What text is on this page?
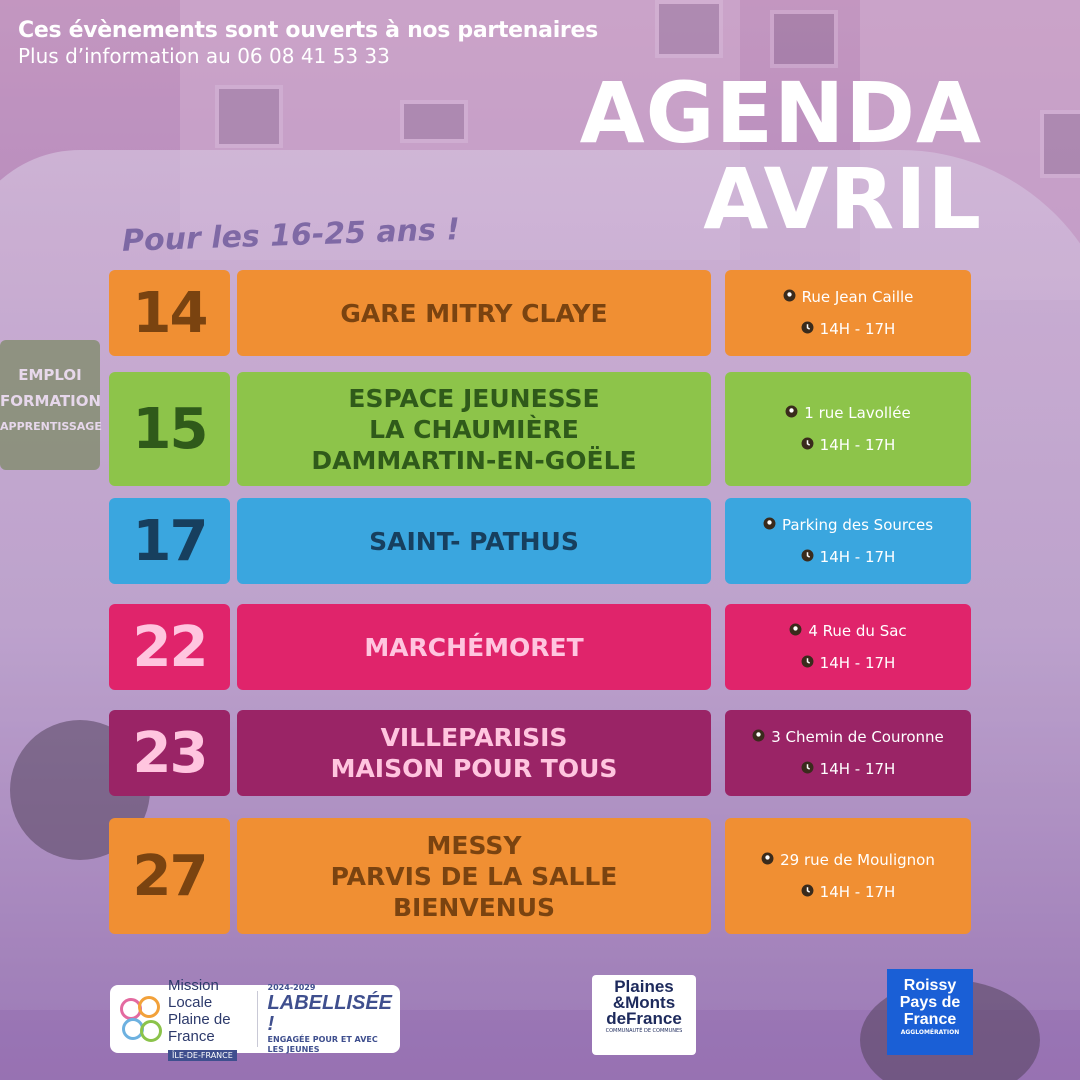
Pour les 16-25 ans !
EMPLOI
FORMATION
APPRENTISSAGE
Ces évènements sont ouverts à nos partenaires
Plus d’information au 06 08 41 53 33
AGENDA
AVRIL
14	GARE MITRY CLAYE
Rue Jean Caille
14H - 17H
15	ESPACE JEUNESSE
LA CHAUMIÈRE
DAMMARTIN-EN-GOËLE
1 rue Lavollée
14H - 17H
17	SAINT- PATHUS
Parking des Sources
14H - 17H
22	MARCHÉMORET
4 Rue du Sac
14H - 17H
23	VILLEPARISIS
MAISON POUR TOUS
3 Chemin de Couronne
14H - 17H
27	MESSY
PARVIS DE LA SALLE
BIENVENUS
29 rue de Moulignon
14H - 17H
Mission Locale
Plaine de France
ÎLE-DE-FRANCE
2024-2029
LABELLISÉE !
ENGAGÉE POUR ET AVEC
LES JEUNES
Plaines
&Monts
deFrance
COMMUNAUTÉ DE COMMUNES
Roissy
Pays de
France
AGGLOMÉRATION
